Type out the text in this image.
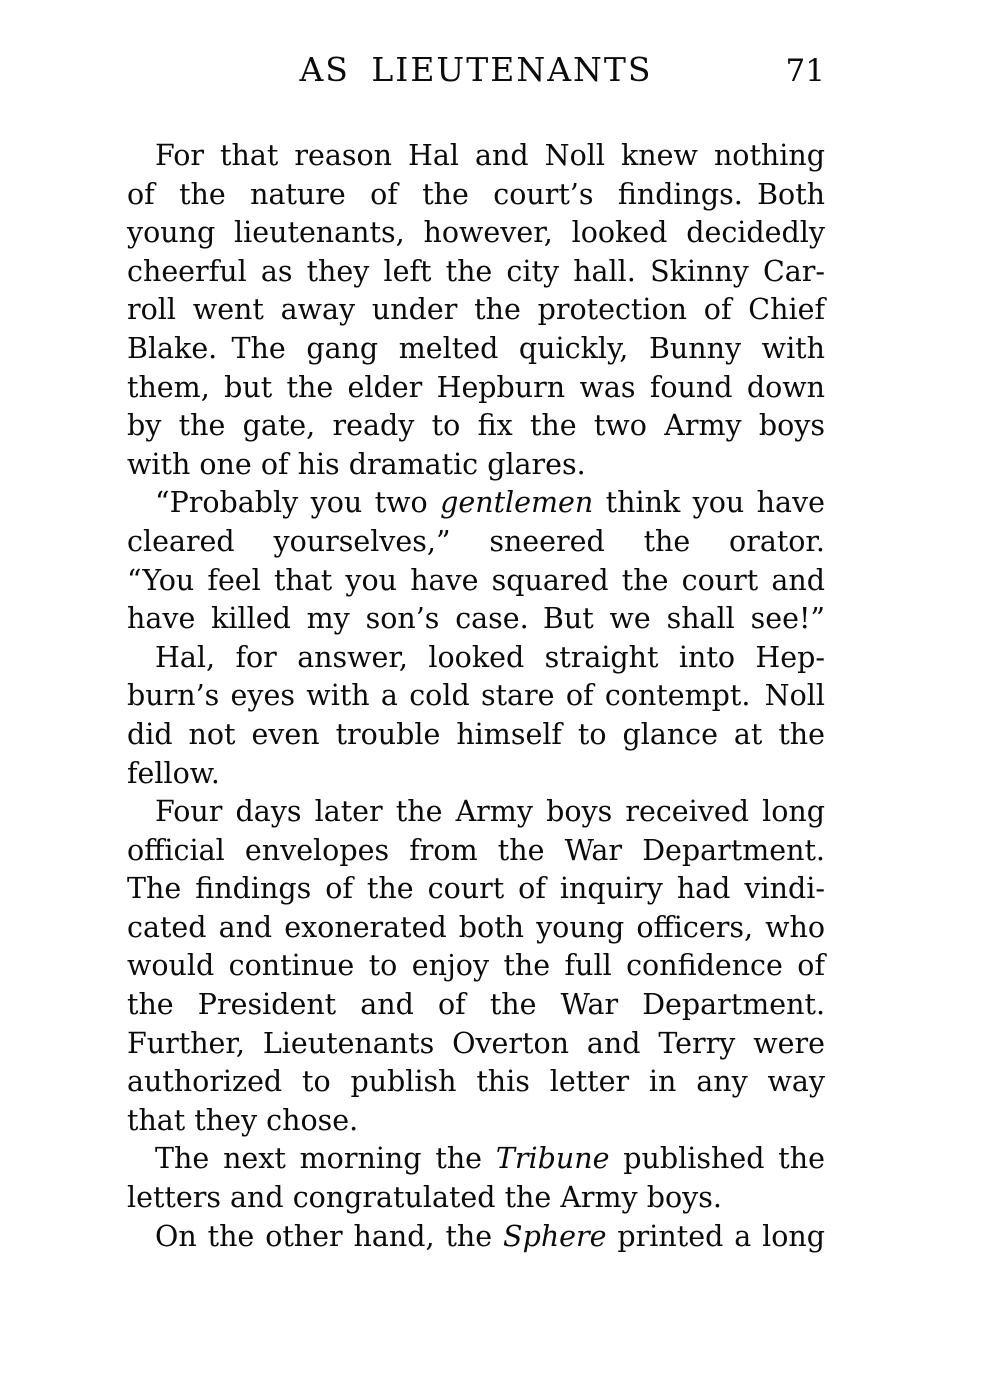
AS LIEUTENANTS	71
For that reason Hal and Noll knew nothing
of the nature of the court’s findings. Both
young lieutenants, however, looked decidedly
cheerful as they left the city hall. Skinny Car-
roll went away under the protection of Chief
Blake. The gang melted quickly, Bunny with
them, but the elder Hepburn was found down
by the gate, ready to fix the two Army boys
with one of his dramatic glares.
“Probably you two gentlemen think you have
cleared yourselves,” sneered the orator.
“You feel that you have squared the court and
have killed my son’s case. But we shall see!”
Hal, for answer, looked straight into Hep-
burn’s eyes with a cold stare of contempt. Noll
did not even trouble himself to glance at the
fellow.
Four days later the Army boys received long
official envelopes from the War Department.
The findings of the court of inquiry had vindi-
cated and exonerated both young officers, who
would continue to enjoy the full confidence of
the President and of the War Department.
Further, Lieutenants Overton and Terry were
authorized to publish this letter in any way
that they chose.
The next morning the Tribune published the
letters and congratulated the Army boys.
On the other hand, the Sphere printed a long
